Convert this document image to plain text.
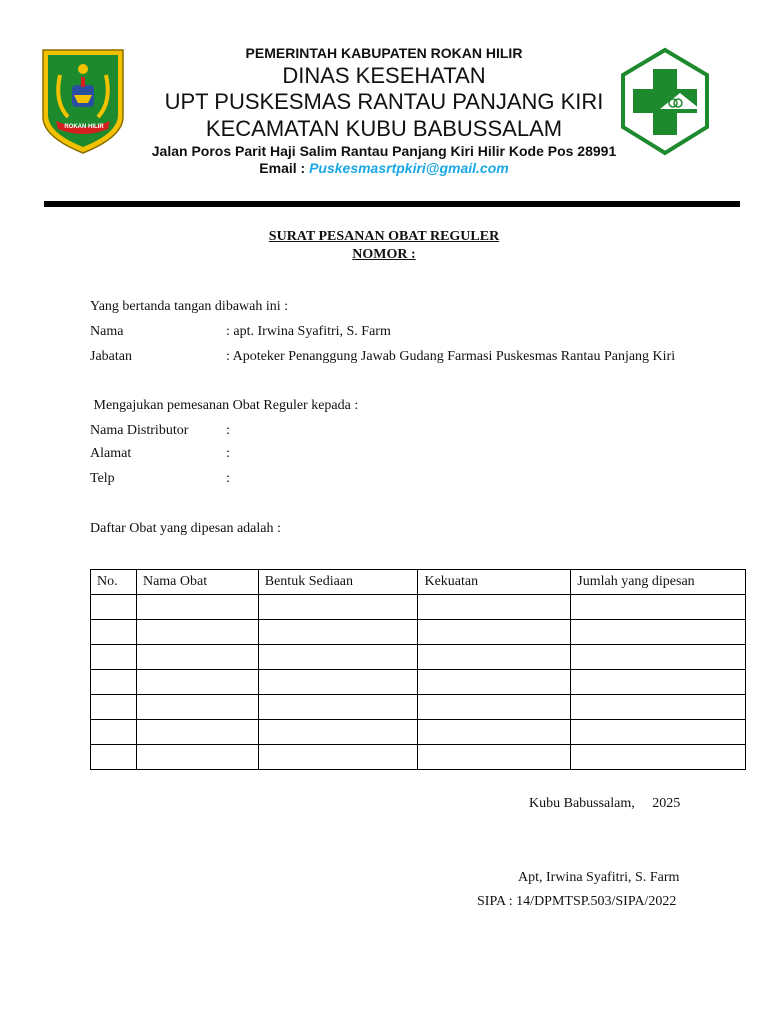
ROKAN HILIR
PEMERINTAH KABUPATEN ROKAN HILIR
DINAS KESEHATAN
UPT PUSKESMAS RANTAU PANJANG KIRI
KECAMATAN KUBU BABUSSALAM
Jalan Poros Parit Haji Salim Rantau Panjang Kiri Hilir Kode Pos 28991
Email : Puskesmasrtpkiri@gmail.com
SURAT PESANAN OBAT REGULER
NOMOR :
Yang bertanda tangan dibawah ini :
Nama	: apt. Irwina Syafitri, S. Farm
Jabatan	: Apoteker Penanggung Jawab Gudang Farmasi Puskesmas Rantau Panjang Kiri
Mengajukan pemesanan Obat Reguler kepada :
Nama Distributor	:
Alamat	:
Telp	:
Daftar Obat yang dipesan adalah :
No.	Nama Obat	Bentuk Sediaan	Kekuatan	Jumlah yang dipesan

Kubu Babussalam,     2025
Apt, Irwina Syafitri, S. Farm
SIPA : 14/DPMTSP.503/SIPA/2022
